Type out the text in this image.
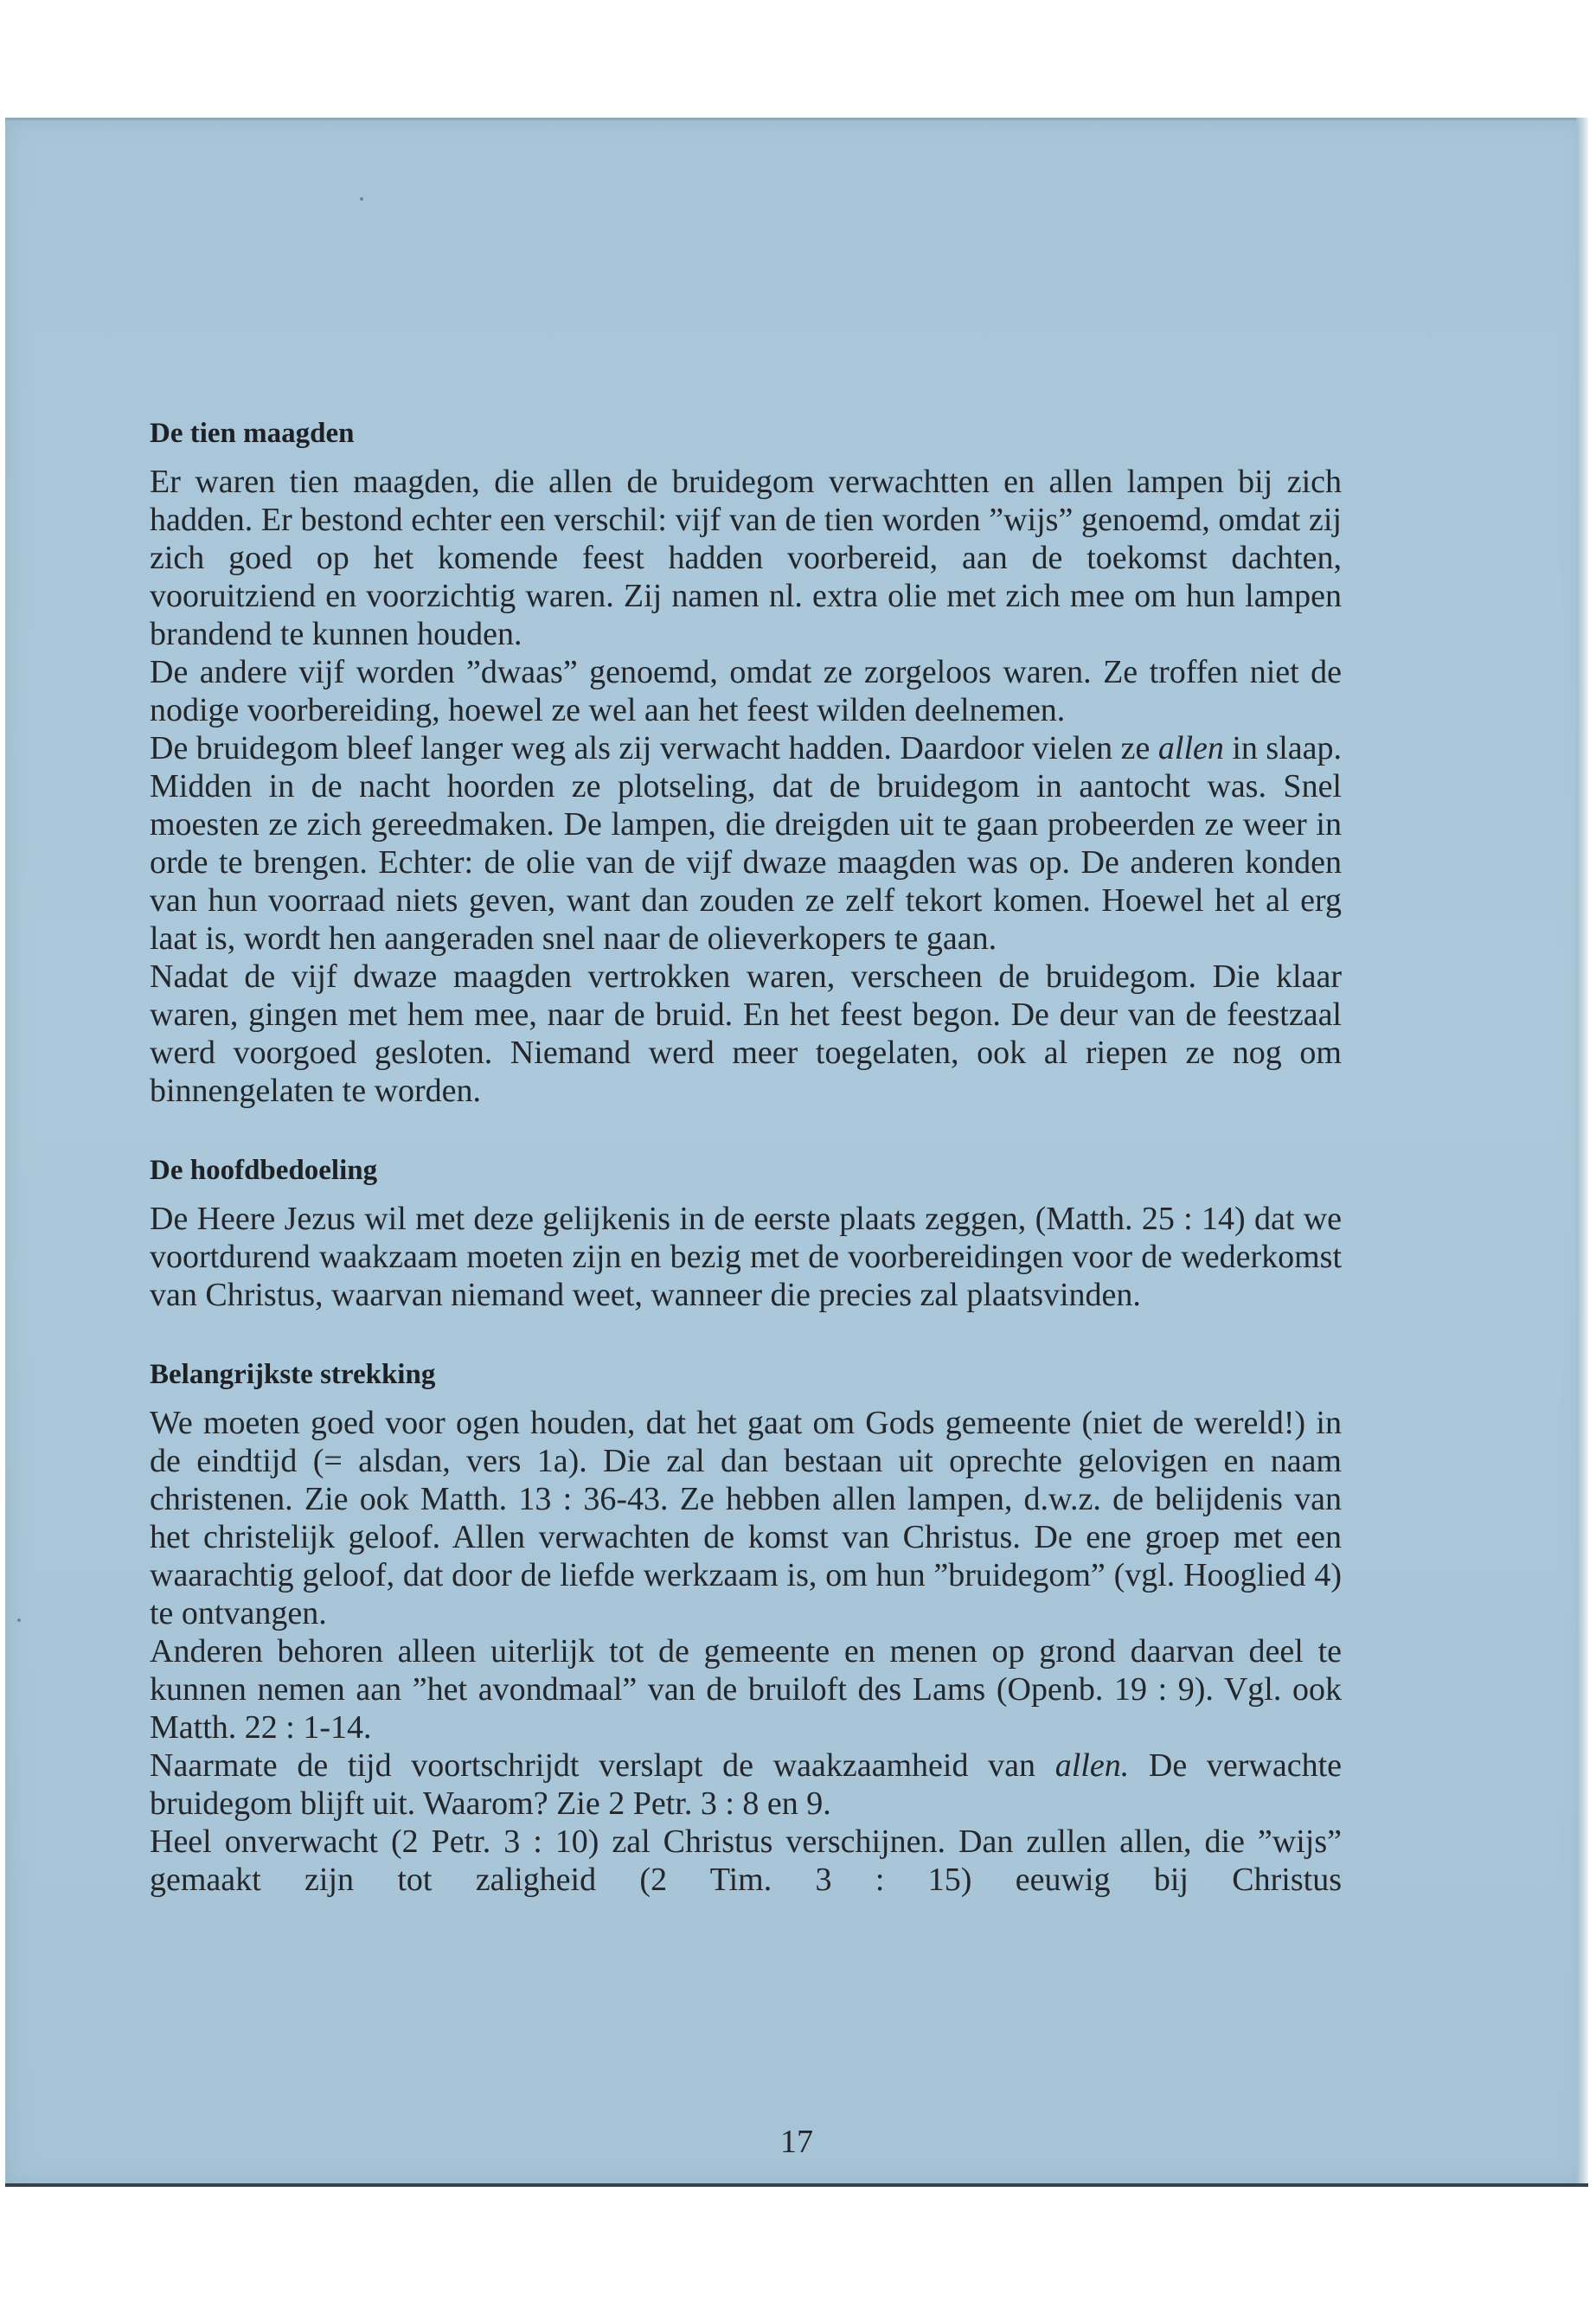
De tien maagden

Er waren tien maagden, die allen de bruidegom verwachtten en allen lampen bij zich hadden. Er bestond echter een verschil: vijf van de tien worden ”wijs” genoemd, omdat zij zich goed op het komende feest hadden voorbereid, aan de toekomst dachten, vooruitziend en voorzichtig waren. Zij namen nl. extra olie met zich mee om hun lampen brandend te kunnen houden.

De andere vijf worden ”dwaas” genoemd, omdat ze zorgeloos waren. Ze troffen niet de nodige voorbereiding, hoewel ze wel aan het feest wilden deelnemen.

De bruidegom bleef langer weg als zij verwacht hadden. Daardoor vielen ze allen in slaap. Midden in de nacht hoorden ze plotseling, dat de bruidegom in aantocht was. Snel moesten ze zich gereedmaken. De lampen, die dreigden uit te gaan probeerden ze weer in orde te brengen. Echter: de olie van de vijf dwaze maagden was op. De anderen konden van hun voorraad niets geven, want dan zouden ze zelf tekort komen. Hoewel het al erg laat is, wordt hen aangeraden snel naar de olieverkopers te gaan.

Nadat de vijf dwaze maagden vertrokken waren, verscheen de bruidegom. Die klaar waren, gingen met hem mee, naar de bruid. En het feest begon. De deur van de feestzaal werd voorgoed gesloten. Niemand werd meer toegelaten, ook al riepen ze nog om binnengelaten te worden.

De hoofdbedoeling

De Heere Jezus wil met deze gelijkenis in de eerste plaats zeggen, (Matth. 25 : 14) dat we voortdurend waakzaam moeten zijn en bezig met de voorbereidingen voor de wederkomst van Christus, waarvan niemand weet, wanneer die precies zal plaatsvinden.

Belangrijkste strekking

We moeten goed voor ogen houden, dat het gaat om Gods gemeente (niet de wereld!) in de eindtijd (= alsdan, vers 1a). Die zal dan bestaan uit oprechte gelovigen en naam christenen. Zie ook Matth. 13 : 36-43. Ze hebben allen lampen, d.w.z. de belijdenis van het christelijk geloof. Allen verwachten de komst van Christus. De ene groep met een waarachtig geloof, dat door de liefde werkzaam is, om hun ”bruidegom” (vgl. Hooglied 4) te ontvangen.

Anderen behoren alleen uiterlijk tot de gemeente en menen op grond daarvan deel te kunnen nemen aan ”het avondmaal” van de bruiloft des Lams (Openb. 19 : 9). Vgl. ook Matth. 22 : 1-14.

Naarmate de tijd voortschrijdt verslapt de waakzaamheid van allen. De verwachte bruidegom blijft uit. Waarom? Zie 2 Petr. 3 : 8 en 9.

Heel onverwacht (2 Petr. 3 : 10) zal Christus verschijnen. Dan zullen allen, die ”wijs” gemaakt zijn tot zaligheid (2 Tim. 3 : 15) eeuwig bij Christus

17
